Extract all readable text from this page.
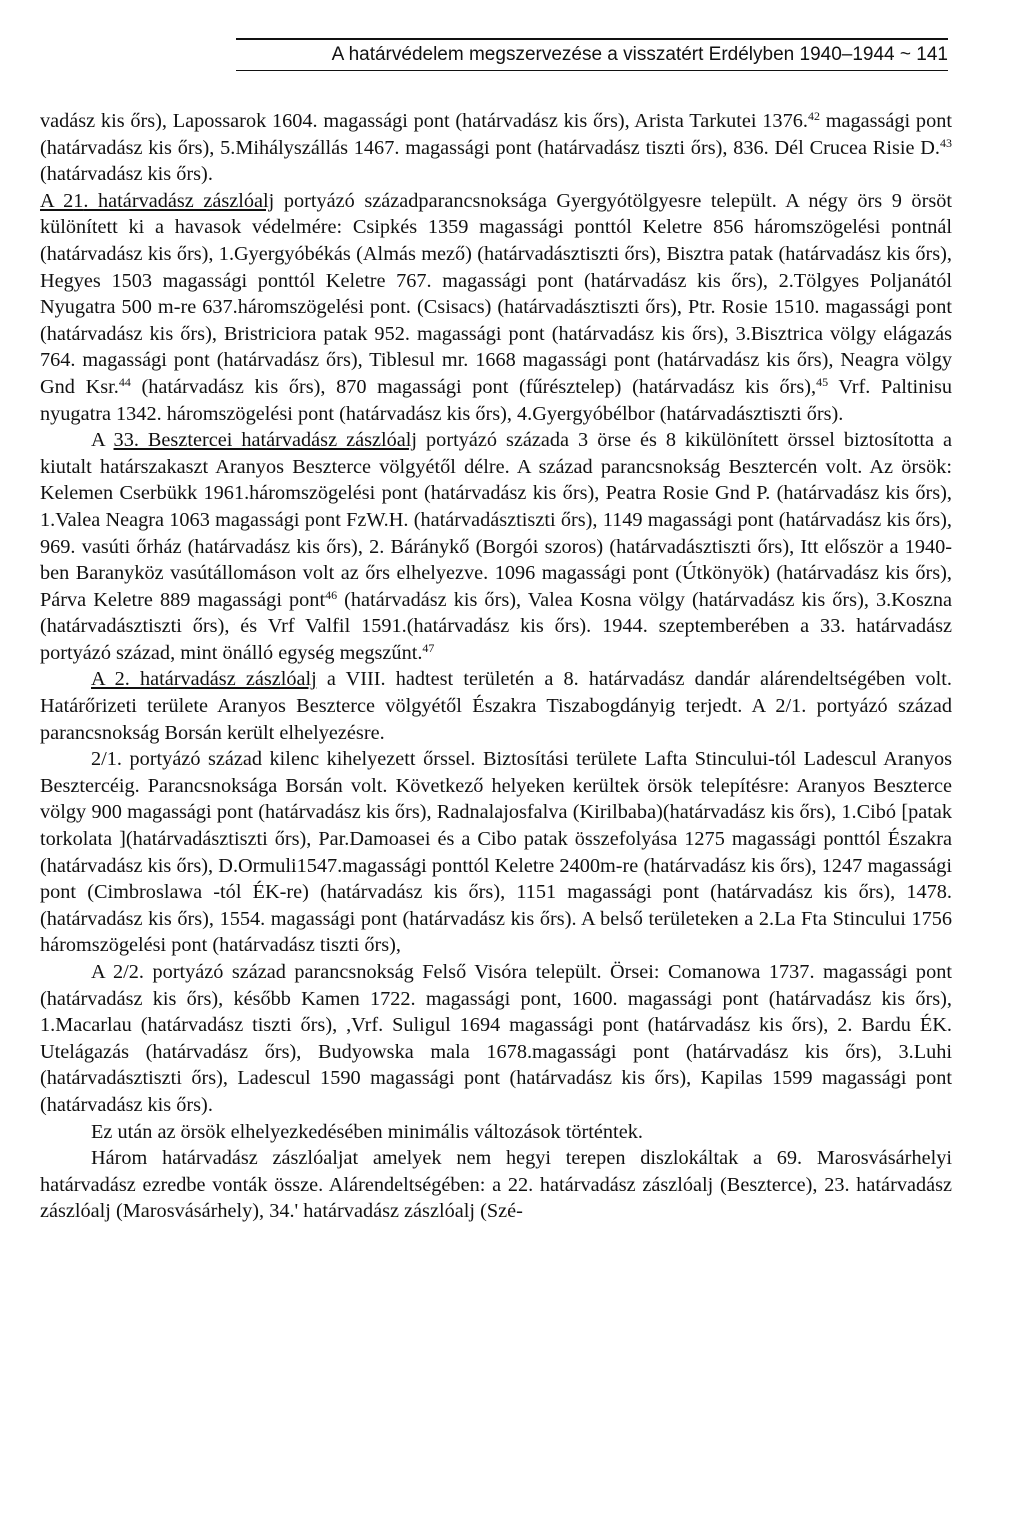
A határvédelem megszervezése a visszatért Erdélyben 1940–1944 ~ 141

vadász kis őrs), Lapossarok 1604. magassági pont (határvadász kis őrs), Arista Tarkutei 1376.42 magassági pont (határvadász kis őrs), 5.Mihályszállás 1467. magassági pont (határvadász tiszti őrs), 836. Dél Crucea Risie D.$^{43}$ (határvadász kis őrs).

A 21. határvadász zászlóalj portyázó századparancsnoksága Gyergyótölgyesre települt. A négy örs 9 örsöt különített ki a havasok védelmére: Csipkés 1359 magassági ponttól Keletre 856 háromszögelési pontnál (határvadász kis őrs), 1.Gyergyóbékás (Almás mező) (határvadásztiszti őrs), Bisztra patak (határvadász kis őrs), Hegyes 1503 magassági ponttól Keletre 767. magassági pont (határvadász kis őrs), 2.Tölgyes Poljanától Nyugatra 500 m-re 637.háromszögelési pont. (Csisacs) (határvadásztiszti őrs), Ptr. Rosie 1510. magassági pont (határvadász kis őrs), Bristriciora patak 952. magassági pont (határvadász kis őrs), 3.Bisztrica völgy elágazás 764. magassági pont (határvadász őrs), Tiblesul mr. 1668 magassági pont (határvadász kis őrs), Neagra völgy Gnd Ksr.$^{44}$ (határvadász kis őrs), 870 magassági pont (fűrésztelep) (határvadász kis őrs),$^{45}$ Vrf. Paltinisu nyugatra 1342. háromszögelési pont (határvadász kis őrs), 4.Gyergyóbélbor (határvadásztiszti őrs).

A 33. Besztercei határvadász zászlóalj portyázó százada 3 örse és 8 kikülönített örssel biztosította a kiutalt határszakaszt Aranyos Beszterce völgyétől délre. A század parancsnokság Besztercén volt. Az örsök: Kelemen Cserbükk 1961.háromszögelési pont (határvadász kis őrs), Peatra Rosie Gnd P. (határvadász kis őrs), 1.Valea Neagra 1063 magassági pont FzW.H. (határvadásztiszti őrs), 1149 magassági pont (határvadász kis őrs), 969. vasúti őrház (határvadász kis őrs), 2. Báránykő (Borgói szoros) (határvadásztiszti őrs), Itt először a 1940-ben Baranyköz vasútállomáson volt az őrs elhelyezve. 1096 magassági pont (Útkönyök) (határvadász kis őrs), Párva Keletre 889 magassági pont$^{46}$ (határvadász kis őrs), Valea Kosna völgy (határvadász kis őrs), 3.Koszna (határvadásztiszti őrs), és Vrf Valfil 1591.(határvadász kis őrs). 1944. szeptemberében a 33. határvadász portyázó század, mint önálló egység megszűnt.$^{47}$

A 2. határvadász zászlóalj a VIII. hadtest területén a 8. határvadász dandár alárendeltségében volt. Határőrizeti területe Aranyos Beszterce völgyétől Északra Tiszabogdányig terjedt. A 2/1. portyázó század parancsnokság Borsán került elhelyezésre.

2/1. portyázó század kilenc kihelyezett őrssel. Biztosítási területe Lafta Stincului-tól Ladescul Aranyos Besztercéig. Parancsnoksága Borsán volt. Következő helyeken kerültek örsök telepítésre: Aranyos Beszterce völgy 900 magassági pont (határvadász kis őrs), Radnalajosfalva (Kirilbaba)(határvadász kis őrs), 1.Cibó [patak torkolata ](határvadásztiszti őrs), Par.Damoasei és a Cibo patak összefolyása 1275 magassági ponttól Északra (határvadász kis őrs), D.Ormuli1547.magassági ponttól Keletre 2400m-re (határvadász kis őrs), 1247 magassági pont (Cimbroslawa -tól ÉK-re) (határvadász kis őrs), 1151 magassági pont (határvadász kis őrs), 1478. (határvadász kis őrs), 1554. magassági pont (határvadász kis őrs). A belső területeken a 2.La Fta Stincului 1756 háromszögelési pont (határvadász tiszti őrs),

A 2/2. portyázó század parancsnokság Felső Visóra települt. Örsei: Comanowa 1737. magassági pont (határvadász kis őrs), később Kamen 1722. magassági pont, 1600. magassági pont (határvadász kis őrs), 1.Macarlau (határvadász tiszti őrs), ,Vrf. Suligul 1694 magassági pont (határvadász kis őrs), 2. Bardu ÉK. Utelágazás (határvadász őrs), Budyowska mala 1678.magassági pont (határvadász kis őrs), 3.Luhi (határvadásztiszti őrs), Ladescul 1590 magassági pont (határvadász kis őrs), Kapilas 1599 magassági pont (határvadász kis őrs).

Ez után az örsök elhelyezkedésében minimális változások történtek.

Három határvadász zászlóaljat amelyek nem hegyi terepen diszlokáltak a 69. Marosvásárhelyi határvadász ezredbe vonták össze. Alárendeltségében: a 22. határvadász zászlóalj (Beszterce), 23. határvadász zászlóalj (Marosvásárhely), 34.' határvadász zászlóalj (Szé-
